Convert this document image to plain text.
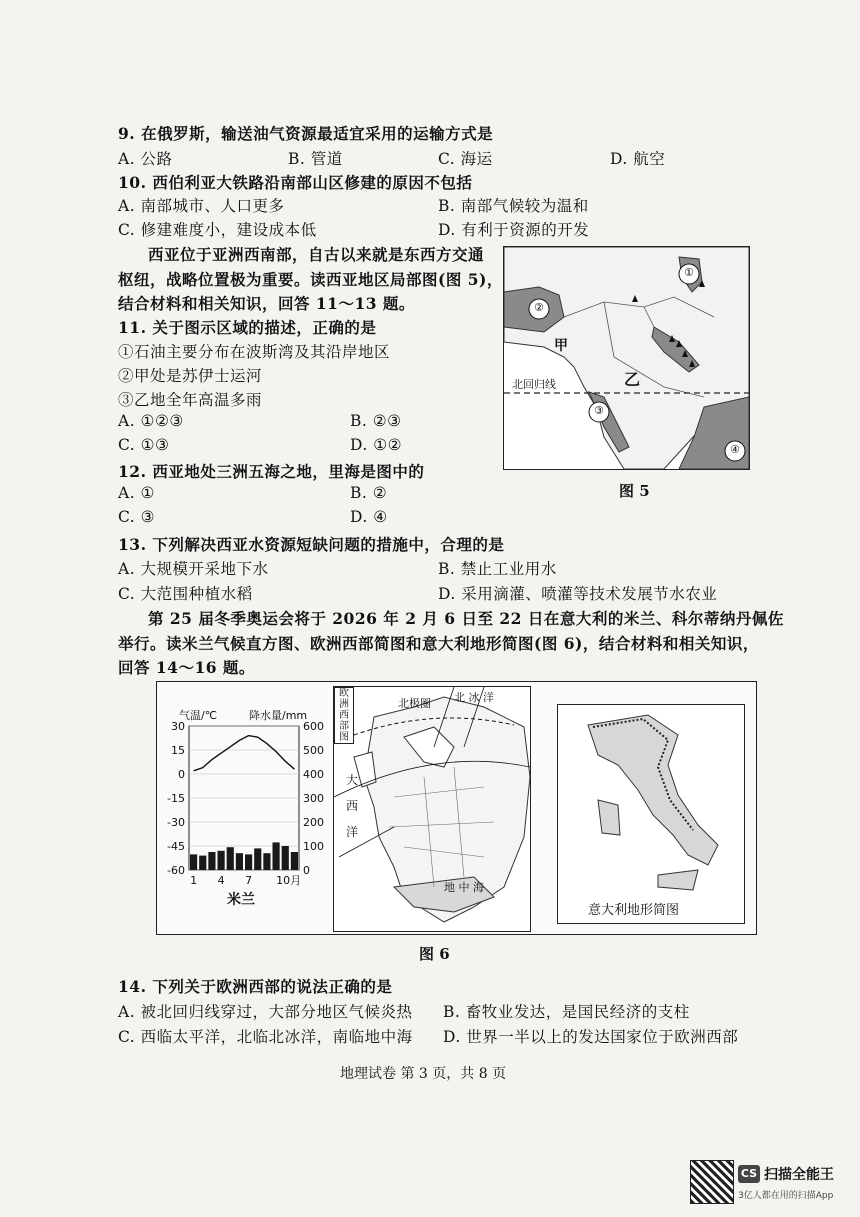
9. 在俄罗斯，输送油气资源最适宜采用的运输方式是
A. 公路	B. 管道	C. 海运	D. 航空
10. 西伯利亚大铁路沿南部山区修建的原因不包括
A. 南部城市、人口更多	B. 南部气候较为温和
C. 修建难度小，建设成本低	D. 有利于资源的开发
西亚位于亚洲西南部，自古以来就是东西方交通
枢纽，战略位置极为重要。读西亚地区局部图(图 5)，
结合材料和相关知识，回答 11～13 题。
11. 关于图示区域的描述，正确的是
①石油主要分布在波斯湾及其沿岸地区
②甲处是苏伊士运河
③乙地全年高温多雨
A. ①②③	B. ②③
C. ①③	D. ①②
12. 西亚地处三洲五海之地，里海是图中的
A. ①	B. ②
C. ③	D. ④
13. 下列解决西亚水资源短缺问题的措施中，合理的是
A. 大规模开采地下水	B. 禁止工业用水
C. 大范围种植水稻	D. 采用滴灌、喷灌等技术发展节水农业
第 25 届冬季奥运会将于 2026 年 2 月 6 日至 22 日在意大利的米兰、科尔蒂纳丹佩佐
举行。读米兰气候直方图、欧洲西部简图和意大利地形简图(图 6)，结合材料和相关知识，
回答 14～16 题。
①
②
③
④
甲
乙
北回归线
图 5
30
15
0
-15
-30
-45
-60
600
500
400
300
200
100
0
1 4 7 10月
气温/℃	降水量/mm
米兰
欧洲西部图
北极圈 北 冰 洋
大西洋
地 中 海
意大利地形简图
图 6
14. 下列关于欧洲西部的说法正确的是
A. 被北回归线穿过，大部分地区气候炎热 B. 畜牧业发达，是国民经济的支柱
C. 西临太平洋，北临北冰洋，南临地中海 D. 世界一半以上的发达国家位于欧洲西部
地理试卷 第 3 页，共 8 页
CS 扫描全能王
3亿人都在用的扫描App
